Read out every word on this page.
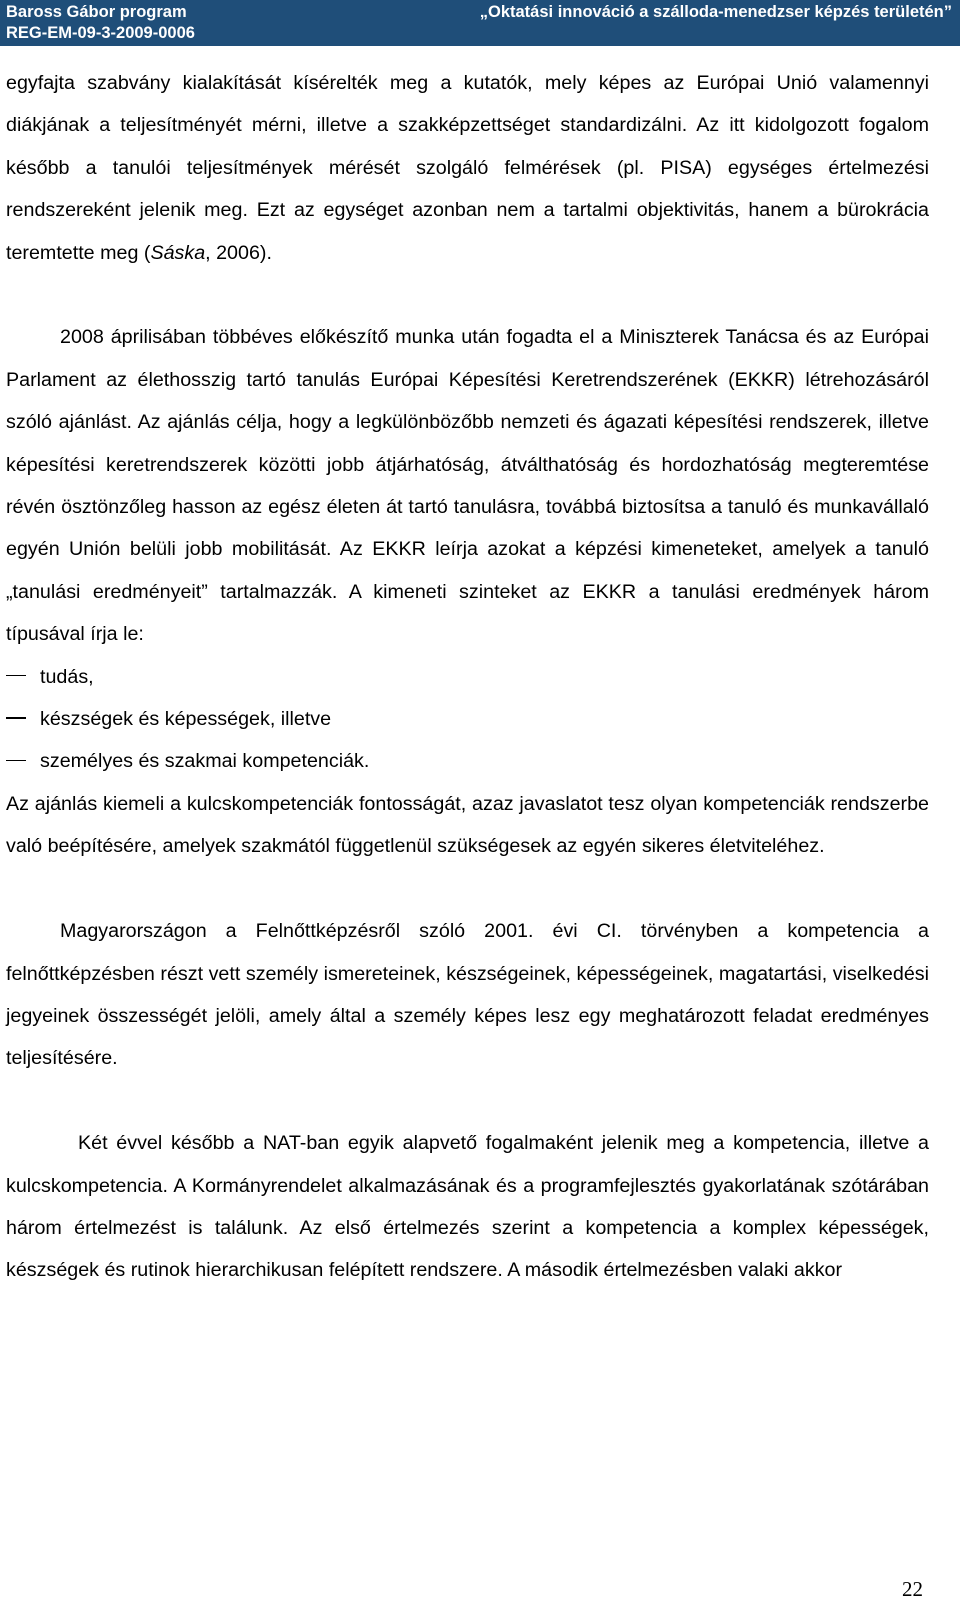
Baross Gábor program	„Oktatási innováció a szálloda-menedzser képzés területén”
REG-EM-09-3-2009-0006

egyfajta szabvány kialakítását kísérelték meg a kutatók, mely képes az Európai Unió valamennyi diákjának a teljesítményét mérni, illetve a szakképzettséget standardizálni. Az itt kidolgozott fogalom később a tanulói teljesítmények mérését szolgáló felmérések (pl. PISA) egységes értelmezési rendszereként jelenik meg. Ezt az egységet azonban nem a tartalmi objektivitás, hanem a bürokrácia teremtette meg (Sáska, 2006).

2008 áprilisában többéves előkészítő munka után fogadta el a Miniszterek Tanácsa és az Európai Parlament az élethosszig tartó tanulás Európai Képesítési Keretrendszerének (EKKR) létrehozásáról szóló ajánlást. Az ajánlás célja, hogy a legkülönbözőbb nemzeti és ágazati képesítési rendszerek, illetve képesítési keretrendszerek közötti jobb átjárhatóság, átválthatóság és hordozhatóság megteremtése révén ösztönzőleg hasson az egész életen át tartó tanulásra, továbbá biztosítsa a tanuló és munkavállaló egyén Unión belüli jobb mobilitását. Az EKKR leírja azokat a képzési kimeneteket, amelyek a tanuló „tanulási eredményeit” tartalmazzák. A kimeneti szinteket az EKKR a tanulási eredmények három típusával írja le:

tudás,
készségek és képességek, illetve
személyes és szakmai kompetenciák.

Az ajánlás kiemeli a kulcskompetenciák fontosságát, azaz javaslatot tesz olyan kompetenciák rendszerbe való beépítésére, amelyek szakmától függetlenül szükségesek az egyén sikeres életviteléhez.

Magyarországon a Felnőttképzésről szóló 2001. évi CI. törvényben a kompetencia a felnőttképzésben részt vett személy ismereteinek, készségeinek, képességeinek, magatartási, viselkedési jegyeinek összességét jelöli, amely által a személy képes lesz egy meghatározott feladat eredményes teljesítésére.

Két évvel később a NAT-ban egyik alapvető fogalmaként jelenik meg a kompetencia, illetve a kulcskompetencia. A Kormányrendelet alkalmazásának és a programfejlesztés gyakorlatának szótárában három értelmezést is találunk. Az első értelmezés szerint a kompetencia a komplex képességek, készségek és rutinok hierarchikusan felépített rendszere. A második értelmezésben valaki akkor

22
